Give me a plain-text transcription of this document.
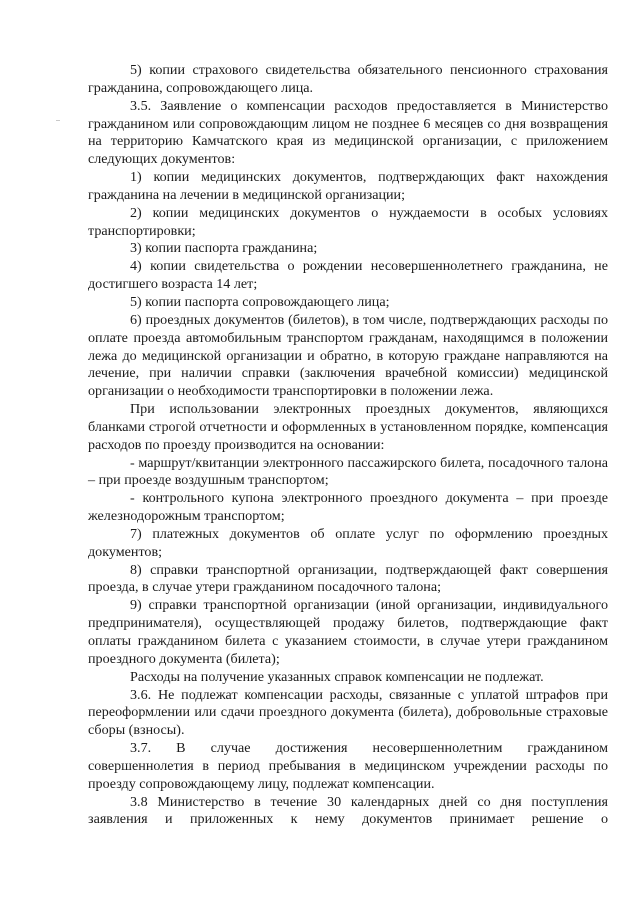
5) копии страхового свидетельства обязательного пенсионного страхования гражданина, сопровождающего лица.

3.5. Заявление о компенсации расходов предоставляется в Министерство гражданином или сопровождающим лицом не позднее 6 месяцев со дня возвращения на территорию Камчатского края из медицинской организации, с приложением следующих документов:

1) копии медицинских документов, подтверждающих факт нахождения гражданина на лечении в медицинской организации;

2) копии медицинских документов о нуждаемости в особых условиях транспортировки;

3) копии паспорта гражданина;

4) копии свидетельства о рождении несовершеннолетнего гражданина, не достигшего возраста 14 лет;

5) копии паспорта сопровождающего лица;

6) проездных документов (билетов), в том числе, подтверждающих расходы по оплате проезда автомобильным транспортом гражданам, находящимся в положении лежа до медицинской организации и обратно, в которую граждане направляются на лечение, при наличии справки (заключения врачебной комиссии) медицинской организации о необходимости транспортировки в положении лежа.

При использовании электронных проездных документов, являющихся бланками строгой отчетности и оформленных в установленном порядке, компенсация расходов по проезду производится на основании:

- маршрут/квитанции электронного пассажирского билета, посадочного талона – при проезде воздушным транспортом;

- контрольного купона электронного проездного документа – при проезде железнодорожным транспортом;

7) платежных документов об оплате услуг по оформлению проездных документов;

8) справки транспортной организации, подтверждающей факт совершения проезда, в случае утери гражданином посадочного талона;

9) справки транспортной организации (иной организации, индивидуального предпринимателя), осуществляющей продажу билетов, подтверждающие факт оплаты гражданином билета с указанием стоимости, в случае утери гражданином проездного документа (билета);

Расходы на получение указанных справок компенсации не подлежат.

3.6. Не подлежат компенсации расходы, связанные с уплатой штрафов при переоформлении или сдачи проездного документа (билета), добровольные страховые сборы (взносы).

3.7. В случае достижения несовершеннолетним гражданином совершеннолетия в период пребывания в медицинском учреждении расходы по проезду сопровождающему лицу, подлежат компенсации.

3.8 Министерство в течение 30 календарных дней со дня поступления заявления и приложенных к нему документов принимает решение о
